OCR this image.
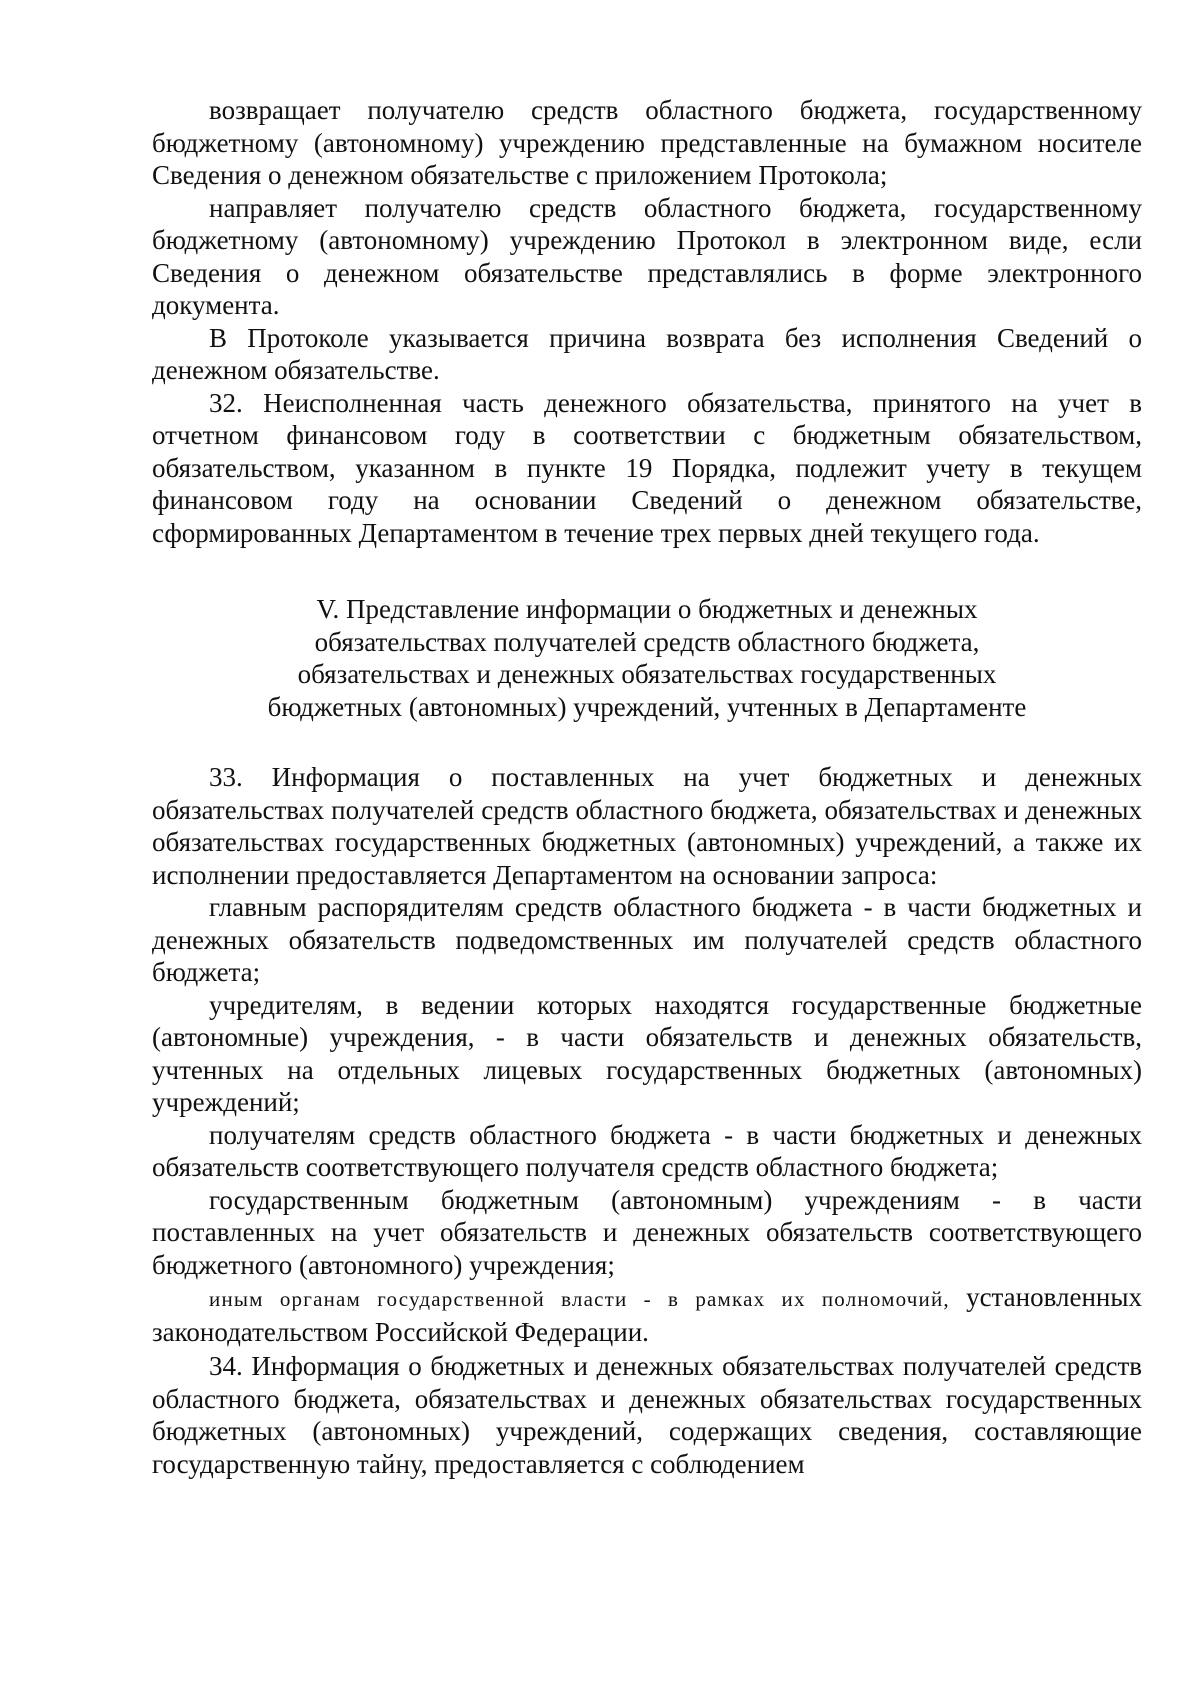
возвращает получателю средств областного бюджета, государственному бюджетному (автономному) учреждению представленные на бумажном носителе Сведения о денежном обязательстве с приложением Протокола;

направляет получателю средств областного бюджета, государственному бюджетному (автономному) учреждению Протокол в электронном виде, если Сведения о денежном обязательстве представлялись в форме электронного документа.

В Протоколе указывается причина возврата без исполнения Сведений о денежном обязательстве.

32. Неисполненная часть денежного обязательства, принятого на учет в отчетном финансовом году в соответствии с бюджетным обязательством, обязательством, указанном в пункте 19 Порядка, подлежит учету в текущем финансовом году на основании Сведений о денежном обязательстве, сформированных Департаментом в течение трех первых дней текущего года.

V. Представление информации о бюджетных и денежных

обязательствах получателей средств областного бюджета,

обязательствах и денежных обязательствах государственных

бюджетных (автономных) учреждений, учтенных в Департаменте

33. Информация о поставленных на учет бюджетных и денежных обязательствах получателей средств областного бюджета, обязательствах и денежных обязательствах государственных бюджетных (автономных) учреждений, а также их исполнении предоставляется Департаментом на основании запроса:

главным распорядителям средств областного бюджета - в части бюджетных и денежных обязательств подведомственных им получателей средств областного бюджета;

учредителям, в ведении которых находятся государственные бюджетные (автономные) учреждения, - в части обязательств и денежных обязательств, учтенных на отдельных лицевых государственных бюджетных (автономных) учреждений;

получателям средств областного бюджета - в части бюджетных и денежных обязательств соответствующего получателя средств областного бюджета;

государственным бюджетным (автономным) учреждениям - в части поставленных на учет обязательств и денежных обязательств соответствующего бюджетного (автономного) учреждения;

иным органам государственной власти - в рамках их полномочий, установленных законодательством Российской Федерации.

34. Информация о бюджетных и денежных обязательствах получателей средств областного бюджета, обязательствах и денежных обязательствах государственных бюджетных (автономных) учреждений, содержащих сведения, составляющие государственную тайну, предоставляется с соблюдением
